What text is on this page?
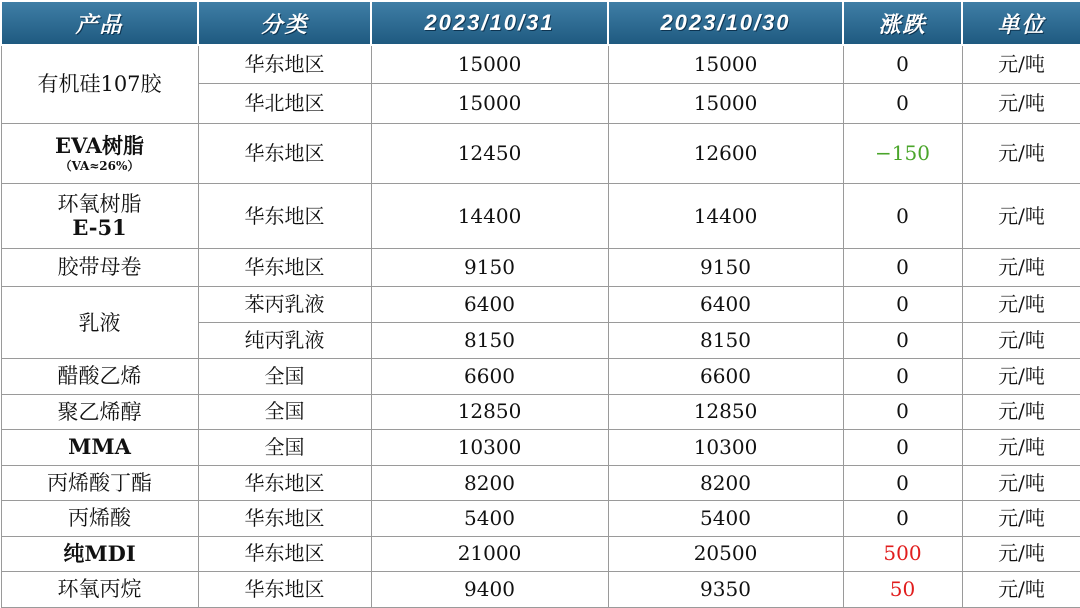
产品	分类	2023/10/31	2023/10/30	涨跌	单位
有机硅107胶	华东地区	15000	15000	0	元/吨
	华北地区	15000	15000	0	元/吨
EVA树脂
（VA≈26%）	华东地区	12450	12600	−150	元/吨
环氧树脂
E-51	华东地区	14400	14400	0	元/吨
胶带母卷	华东地区	9150	9150	0	元/吨
乳液	苯丙乳液	6400	6400	0	元/吨
	纯丙乳液	8150	8150	0	元/吨
醋酸乙烯	全国	6600	6600	0	元/吨
聚乙烯醇	全国	12850	12850	0	元/吨
MMA	全国	10300	10300	0	元/吨
丙烯酸丁酯	华东地区	8200	8200	0	元/吨
丙烯酸	华东地区	5400	5400	0	元/吨
纯MDI	华东地区	21000	20500	500	元/吨
环氧丙烷	华东地区	9400	9350	50	元/吨
